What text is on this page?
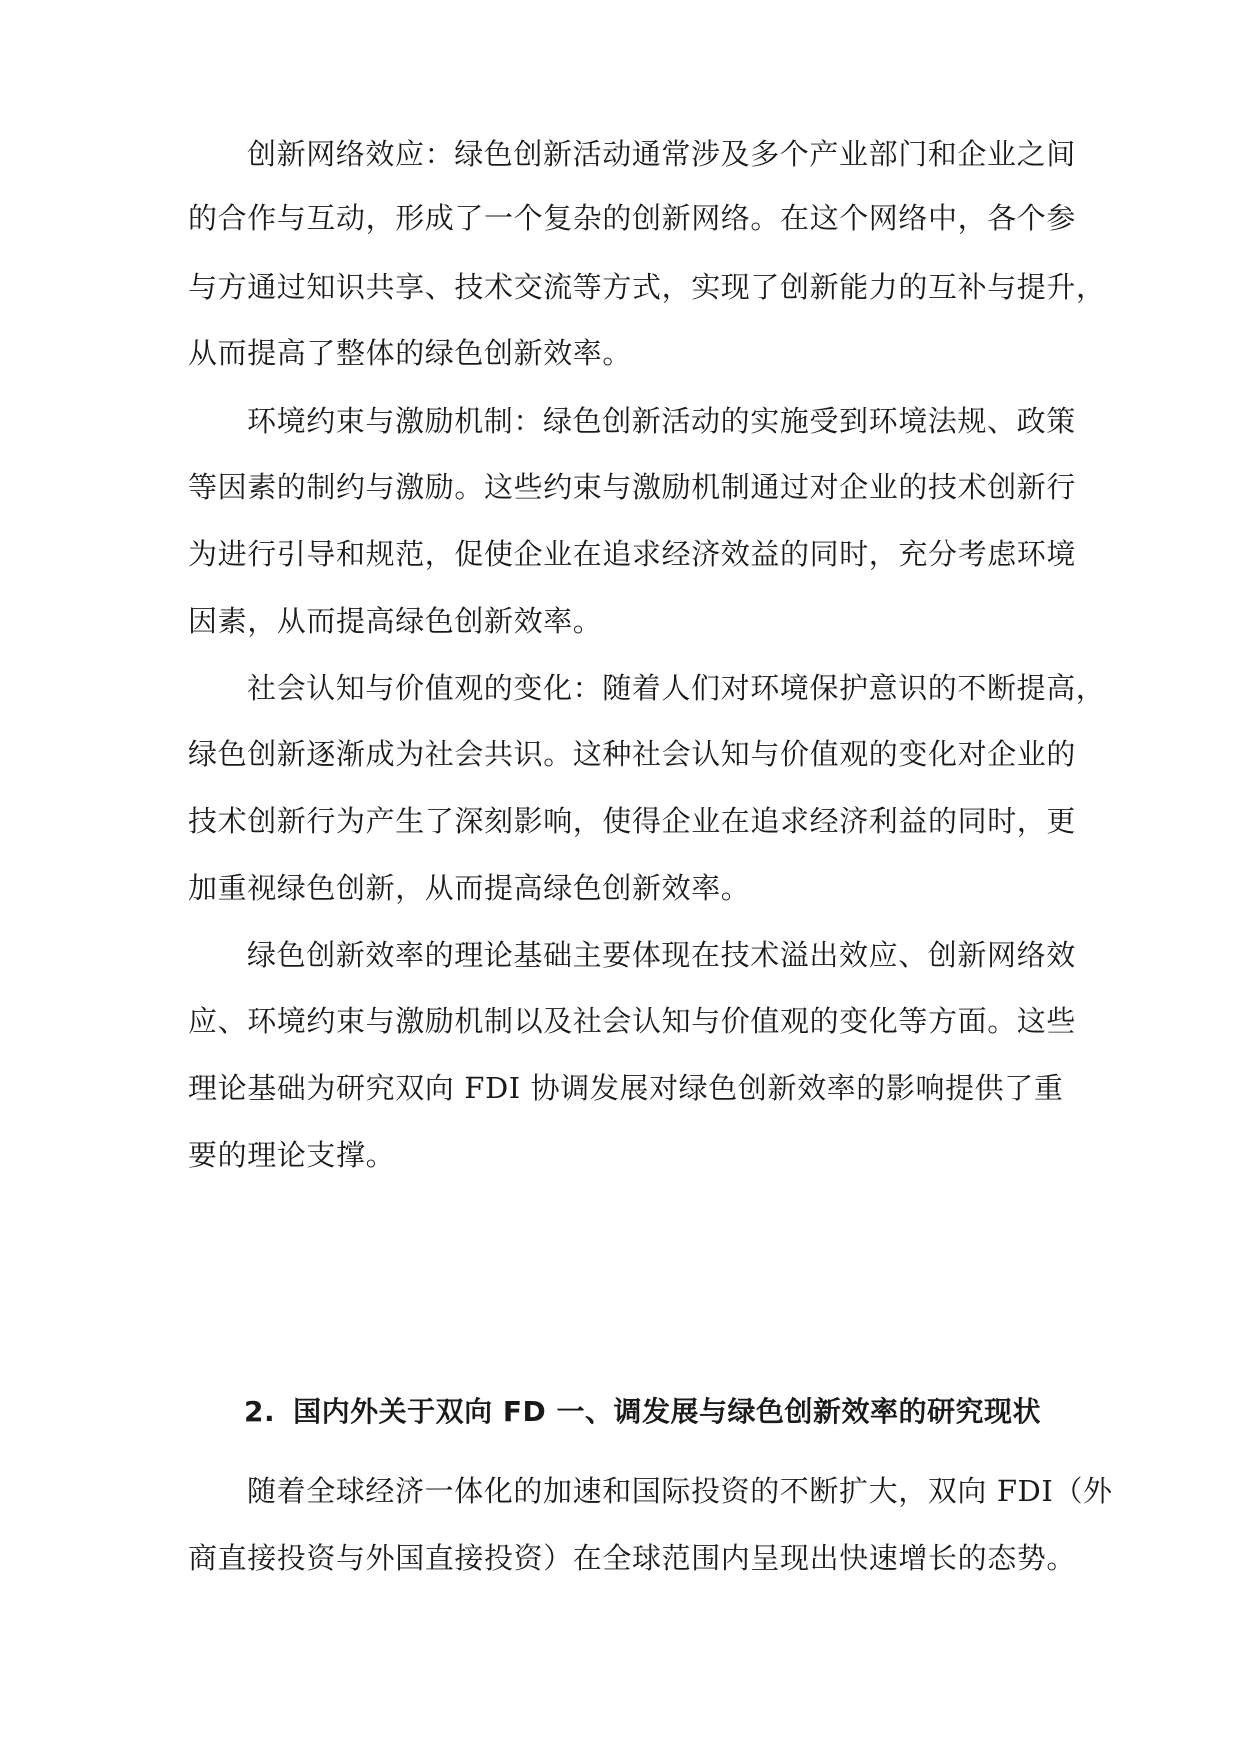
创新网络效应：绿色创新活动通常涉及多个产业部门和企业之间
的合作与互动，形成了一个复杂的创新网络。在这个网络中，各个参
与方通过知识共享、技术交流等方式，实现了创新能力的互补与提升，
从而提高了整体的绿色创新效率。
环境约束与激励机制：绿色创新活动的实施受到环境法规、政策
等因素的制约与激励。这些约束与激励机制通过对企业的技术创新行
为进行引导和规范，促使企业在追求经济效益的同时，充分考虑环境
因素，从而提高绿色创新效率。
社会认知与价值观的变化：随着人们对环境保护意识的不断提高，
绿色创新逐渐成为社会共识。这种社会认知与价值观的变化对企业的
技术创新行为产生了深刻影响，使得企业在追求经济利益的同时，更
加重视绿色创新，从而提高绿色创新效率。
绿色创新效率的理论基础主要体现在技术溢出效应、创新网络效
应、环境约束与激励机制以及社会认知与价值观的变化等方面。这些
理论基础为研究双向 FDI 协调发展对绿色创新效率的影响提供了重
要的理论支撑。
2. 国内外关于双向 FD 一、调发展与绿色创新效率的研究现状
随着全球经济一体化的加速和国际投资的不断扩大，双向 FDI（外
商直接投资与外国直接投资）在全球范围内呈现出快速增长的态势。
